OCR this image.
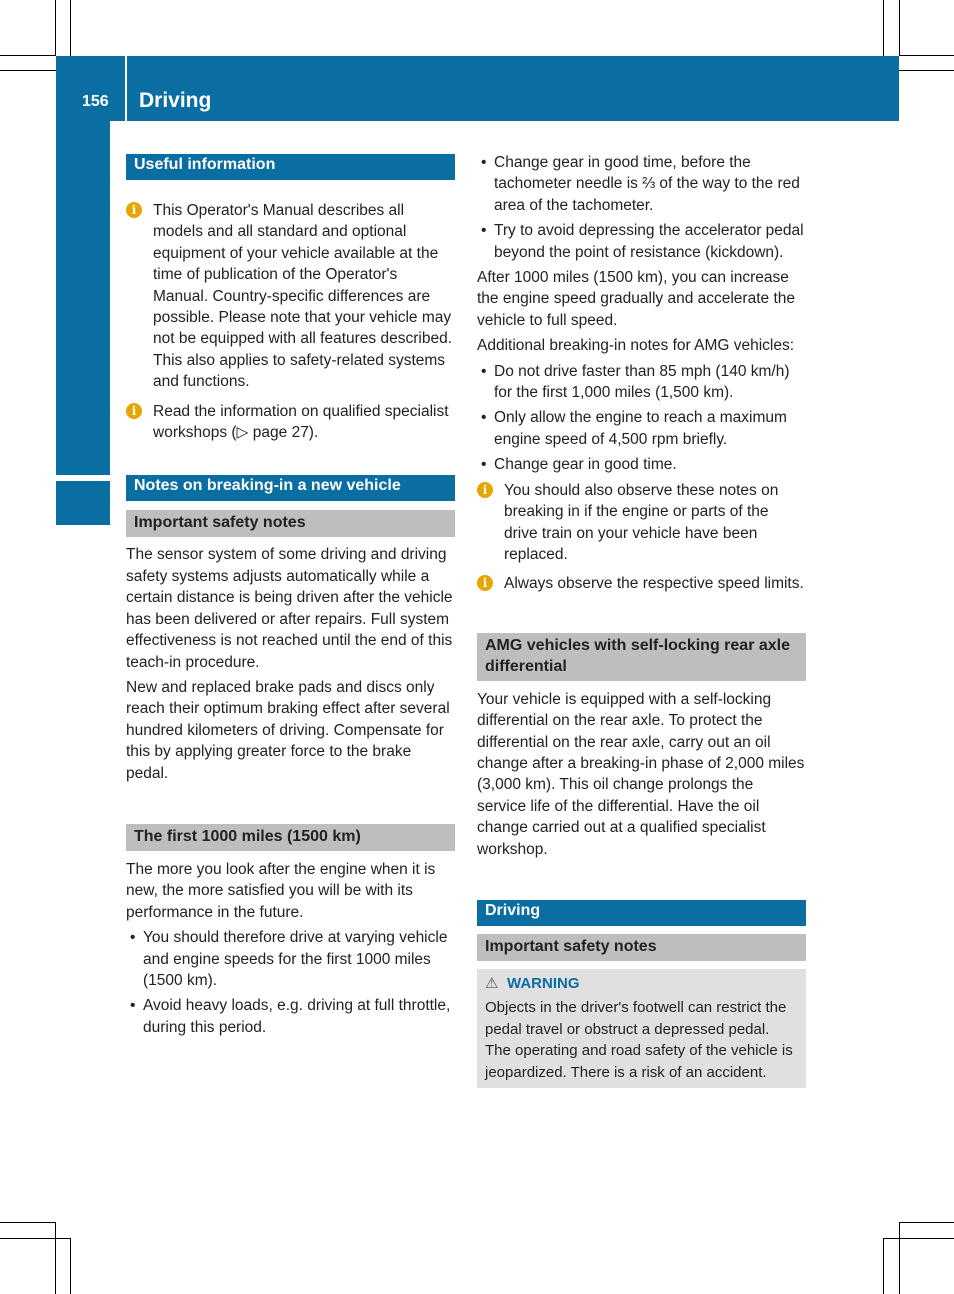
156 Driving
Driving and parking
Useful information
i	This Operator's Manual describes all models and all standard and optional equipment of your vehicle available at the time of publication of the Operator's Manual. Country-specific differences are possible. Please note that your vehicle may not be equipped with all features described. This also applies to safety-related systems and functions.
i	Read the information on qualified specialist workshops (▷ page 27).
Notes on breaking-in a new vehicle
Important safety notes

The sensor system of some driving and driving safety systems adjusts automatically while a certain distance is being driven after the vehicle has been delivered or after repairs. Full system effectiveness is not reached until the end of this teach-in procedure.

New and replaced brake pads and discs only reach their optimum braking effect after several hundred kilometers of driving. Compensate for this by applying greater force to the brake pedal.

The first 1000 miles (1500 km)

The more you look after the engine when it is new, the more satisfied you will be with its performance in the future.

• You should therefore drive at varying vehicle and engine speeds for the first 1000 miles (1500 km).
• Avoid heavy loads, e.g. driving at full throttle, during this period.
• Change gear in good time, before the tachometer needle is ⅔ of the way to the red area of the tachometer.
• Try to avoid depressing the accelerator pedal beyond the point of resistance (kickdown).

After 1000 miles (1500 km), you can increase the engine speed gradually and accelerate the vehicle to full speed.

Additional breaking-in notes for AMG vehicles:

• Do not drive faster than 85 mph (140 km/h) for the first 1,000 miles (1,500 km).
• Only allow the engine to reach a maximum engine speed of 4,500 rpm briefly.
• Change gear in good time.
i	You should also observe these notes on breaking in if the engine or parts of the drive train on your vehicle have been replaced.
i	Always observe the respective speed limits.
AMG vehicles with self-locking rear axle differential

Your vehicle is equipped with a self-locking differential on the rear axle. To protect the differential on the rear axle, carry out an oil change after a breaking-in phase of 2,000 miles (3,000 km). This oil change prolongs the service life of the differential. Have the oil change carried out at a qualified specialist workshop.

Driving
Important safety notes
⚠ WARNING
Objects in the driver's footwell can restrict the pedal travel or obstruct a depressed pedal. The operating and road safety of the vehicle is jeopardized. There is a risk of an accident.
